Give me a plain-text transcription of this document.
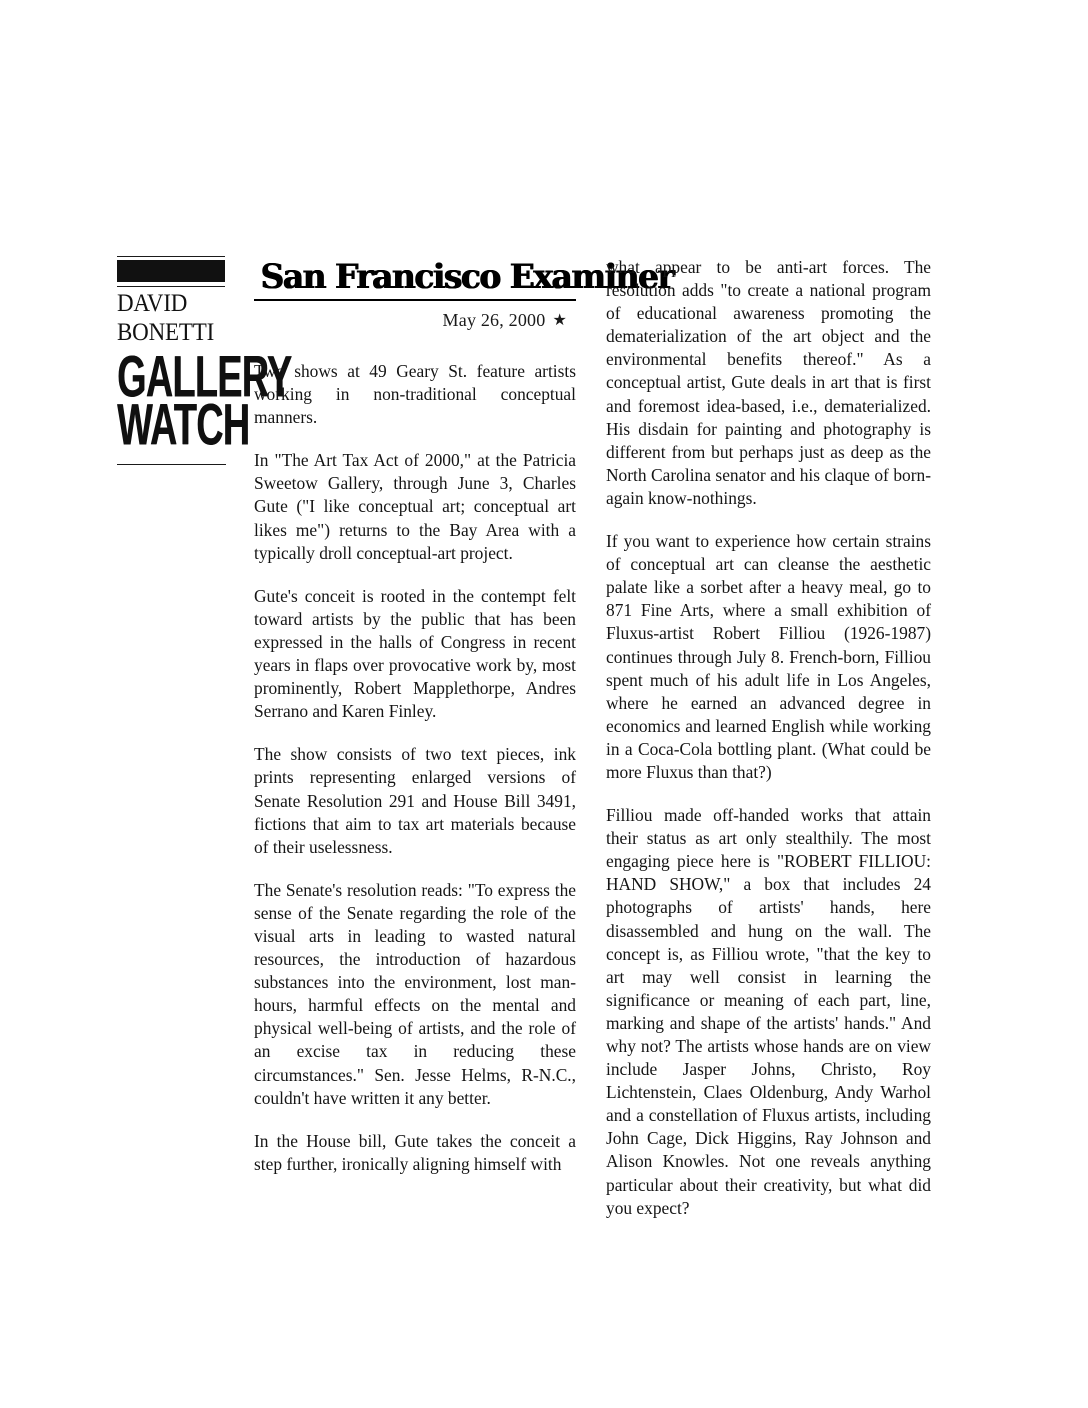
DAVID
BONETTI
GALLERY
WATCH
San Francisco Examiner
May 26, 2000 ★

Two shows at 49 Geary St. feature artists working in non-traditional conceptual manners.

In "The Art Tax Act of 2000," at the Patricia Sweetow Gallery, through June 3, Charles Gute ("I like conceptual art; conceptual art likes me") returns to the Bay Area with a typically droll conceptual-art project.

Gute's conceit is rooted in the contempt felt toward artists by the public that has been expressed in the halls of Congress in recent years in flaps over provocative work by, most prominently, Robert Mapplethorpe, Andres Serrano and Karen Finley.

The show consists of two text pieces, ink prints representing enlarged versions of Senate Resolution 291 and House Bill 3491, fictions that aim to tax art materials because of their uselessness.

The Senate's resolution reads: "To express the sense of the Senate regarding the role of the visual arts in leading to wasted natural resources, the introduction of hazardous substances into the environment, lost man-hours, harmful effects on the mental and physical well-being of artists, and the role of an excise tax in reducing these circumstances." Sen. Jesse Helms, R-N.C., couldn't have written it any better.

In the House bill, Gute takes the conceit a step further, ironically aligning himself with

what appear to be anti-art forces. The resolution adds "to create a national program of educational awareness promoting the dematerialization of the art object and the environmental benefits thereof." As a conceptual artist, Gute deals in art that is first and foremost idea-based, i.e., dematerialized. His disdain for painting and photography is different from but perhaps just as deep as the North Carolina senator and his claque of born-again know-nothings.

If you want to experience how certain strains of conceptual art can cleanse the aesthetic palate like a sorbet after a heavy meal, go to 871 Fine Arts, where a small exhibition of Fluxus-artist Robert Filliou (1926-1987) continues through July 8. French-born, Filliou spent much of his adult life in Los Angeles, where he earned an advanced degree in economics and learned English while working in a Coca-Cola bottling plant. (What could be more Fluxus than that?)

Filliou made off-handed works that attain their status as art only stealthily. The most engaging piece here is "ROBERT FILLIOU: HAND SHOW," a box that includes 24 photographs of artists' hands, here disassembled and hung on the wall. The concept is, as Filliou wrote, "that the key to art may well consist in learning the significance or meaning of each part, line, marking and shape of the artists' hands." And why not? The artists whose hands are on view include Jasper Johns, Christo, Roy Lichtenstein, Claes Oldenburg, Andy Warhol and a constellation of Fluxus artists, including John Cage, Dick Higgins, Ray Johnson and Alison Knowles. Not one reveals anything particular about their creativity, but what did you expect?
